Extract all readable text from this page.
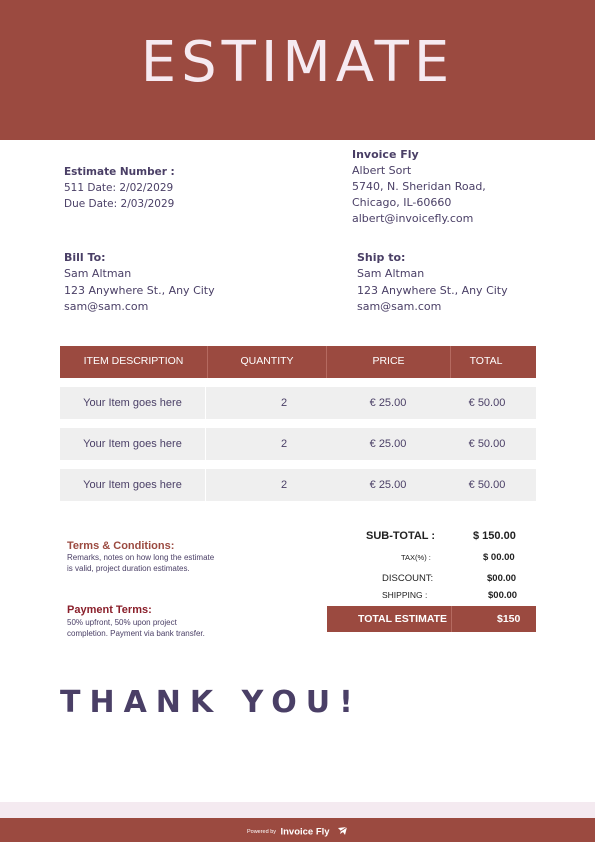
ESTIMATE
Estimate Number :
511 Date: 2/02/2029
Due Date: 2/03/2029
Invoice Fly
Albert Sort
5740, N. Sheridan Road,
Chicago, IL-60660
albert@invoicefly.com
Bill To:
Sam Altman
123 Anywhere St., Any City
sam@sam.com
Ship to:
Sam Altman
123 Anywhere St., Any City
sam@sam.com
ITEM DESCRIPTION	QUANTITY	PRICE	TOTAL
Your Item goes here	2	€ 25.00	€ 50.00
Your Item goes here	2	€ 25.00	€ 50.00
Your Item goes here	2	€ 25.00	€ 50.00
Terms & Conditions:
Remarks, notes on how long the estimate is valid, project duration estimates.
Payment Terms:
50% upfront, 50% upon project completion. Payment via bank transfer.
SUB-TOTAL :	$ 150.00
TAX(%) :	$ 00.00
DISCOUNT:	$00.00
SHIPPING :	$00.00
TOTAL ESTIMATE	$150
THANK YOU!
Powered by Invoice Fly
